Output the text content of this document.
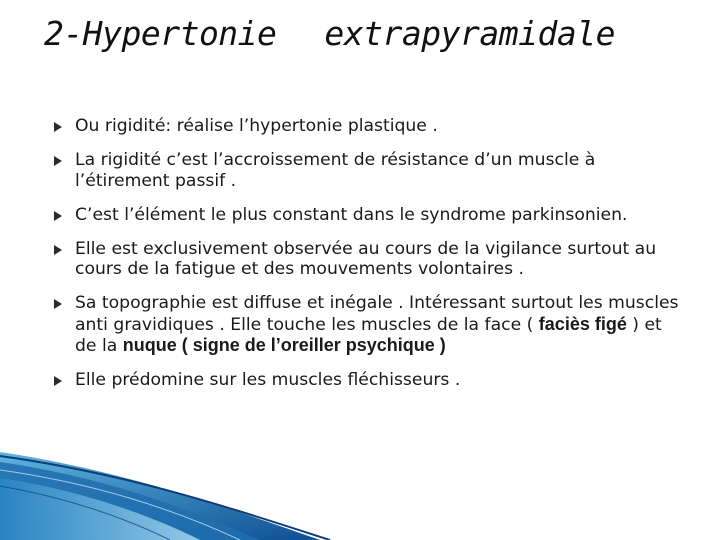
2-Hypertonie extrapyramidale
Ou rigidité: réalise l’hypertonie plastique .
La rigidité c’est l’accroissement de résistance d’un muscle à l’étirement passif .
C’est l’élément le plus constant dans le syndrome parkinsonien.
Elle est exclusivement observée au cours de la vigilance surtout au cours de la fatigue et des mouvements volontaires .
Sa topographie est diffuse et inégale . Intéressant surtout les muscles anti gravidiques . Elle touche les muscles de la face ( faciès figé ) et de la nuque ( signe de l’oreiller psychique )
Elle prédomine sur les muscles fléchisseurs .
